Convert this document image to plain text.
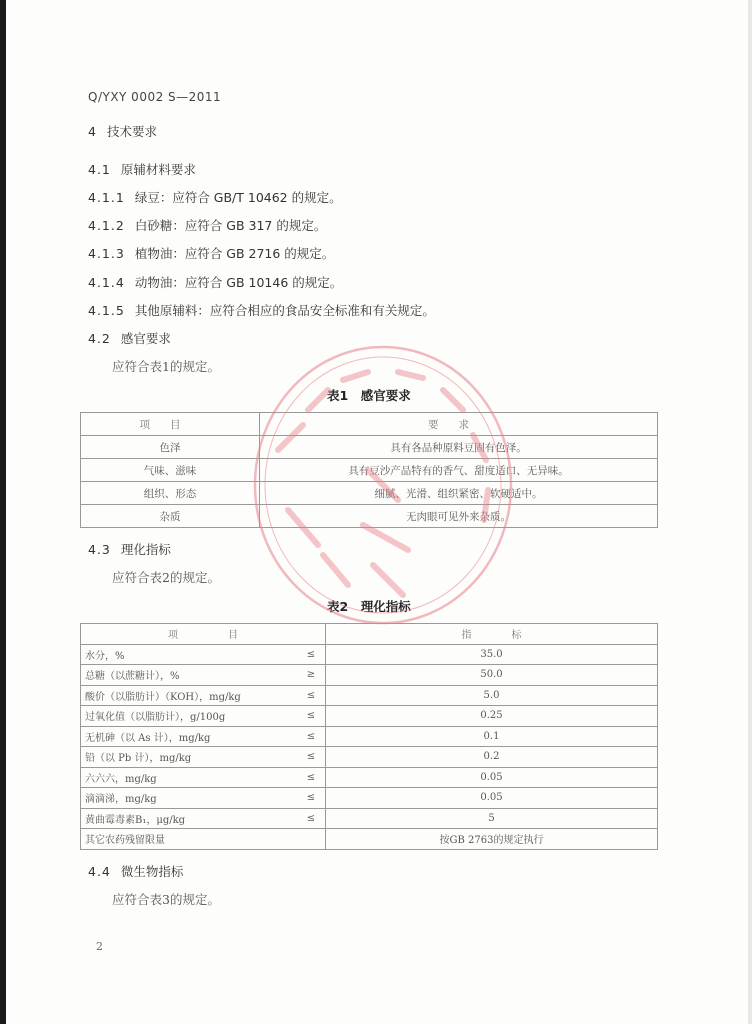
Q/YXY 0002 S—2011
4 技术要求
4.1 原辅材料要求
4.1.1 绿豆：应符合 GB/T 10462 的规定。
4.1.2 白砂糖：应符合 GB 317 的规定。
4.1.3 植物油：应符合 GB 2716 的规定。
4.1.4 动物油：应符合 GB 10146 的规定。
4.1.5 其他原辅料：应符合相应的食品安全标准和有关规定。
4.2 感官要求
应符合表1的规定。
表1　感官要求
项目	要求
色泽	具有各品种原料豆固有色泽。
气味、滋味	具有豆沙产品特有的香气、甜度适口、无异味。
组织、形态	细腻、光滑、组织紧密、软硬适中。
杂质	无肉眼可见外来杂质。
4.3 理化指标
应符合表2的规定。
表2　理化指标
项　　　　　目		指　　　　标
水分，%	≤	35.0
总糖（以蔗糖计），%	≥	50.0
酸价（以脂肪计）（KOH），mg/kg	≤	5.0
过氧化值（以脂肪计），g/100g	≤	0.25
无机砷（以 As 计），mg/kg	≤	0.1
铅（以 Pb 计），mg/kg	≤	0.2
六六六，mg/kg	≤	0.05
滴滴涕，mg/kg	≤	0.05
黄曲霉毒素B₁，μg/kg	≤	5
其它农药残留限量		按GB 2763的规定执行
4.4 微生物指标
应符合表3的规定。
2
